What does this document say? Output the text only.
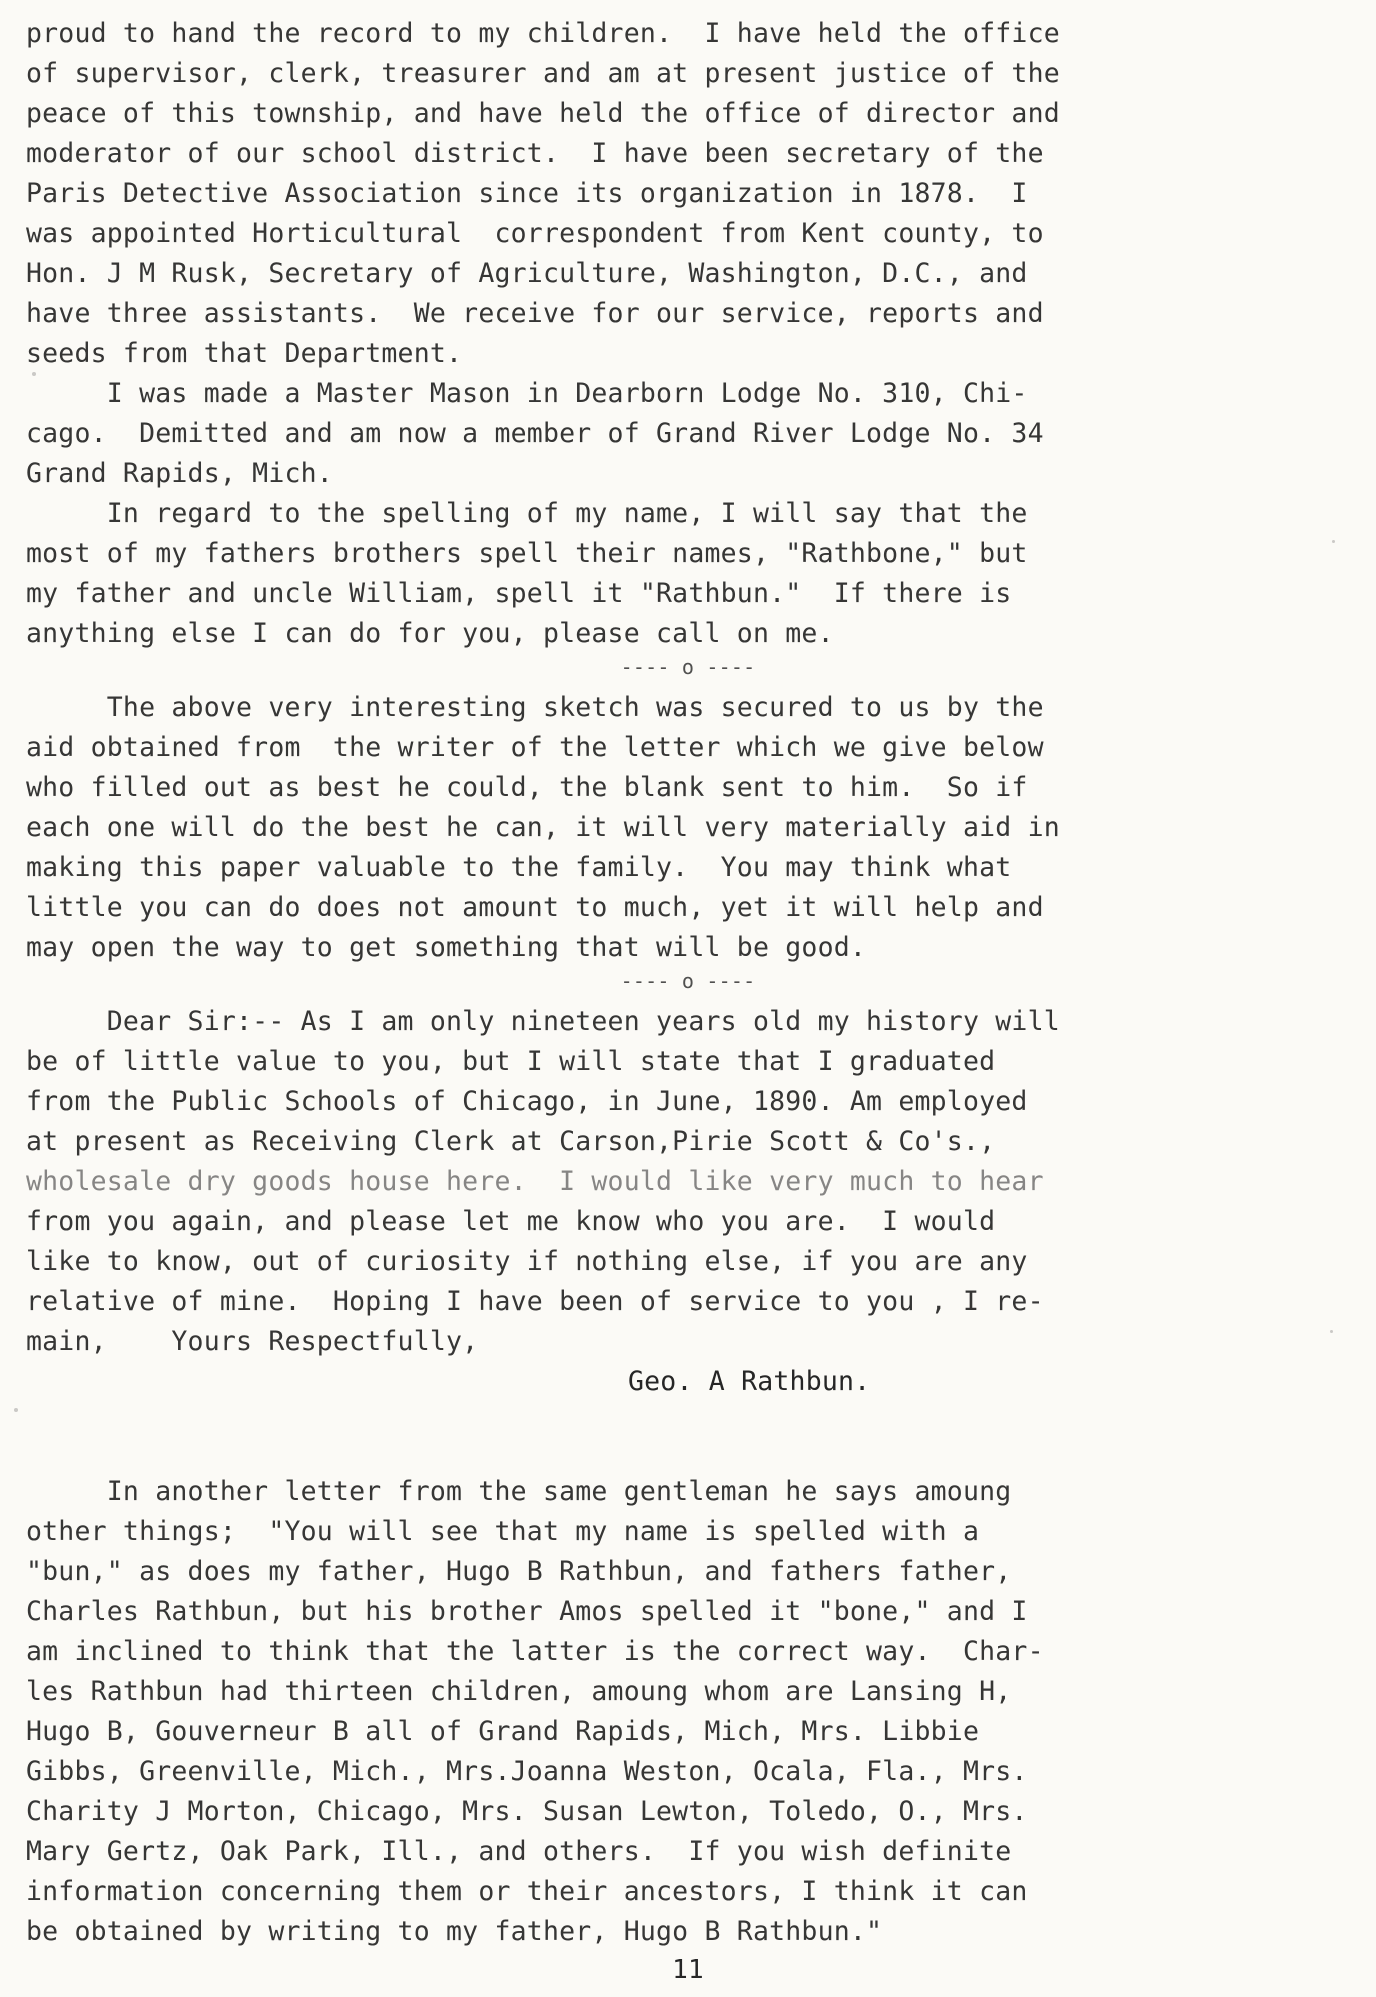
proud to hand the record to my children.  I have held the office
of supervisor, clerk, treasurer and am at present justice of the
peace of this township, and have held the office of director and
moderator of our school district.  I have been secretary of the
Paris Detective Association since its organization in 1878.  I
was appointed Horticultural  correspondent from Kent county, to
Hon. J M Rusk, Secretary of Agriculture, Washington, D.C., and
have three assistants.  We receive for our service, reports and
seeds from that Department.
I was made a Master Mason in Dearborn Lodge No. 310, Chi-
cago.  Demitted and am now a member of Grand River Lodge No. 34
Grand Rapids, Mich.
In regard to the spelling of my name, I will say that the
most of my fathers brothers spell their names, "Rathbone," but
my father and uncle William, spell it "Rathbun."  If there is
anything else I can do for you, please call on me.
---- o ----
The above very interesting sketch was secured to us by the
aid obtained from  the writer of the letter which we give below
who filled out as best he could, the blank sent to him.  So if
each one will do the best he can, it will very materially aid in
making this paper valuable to the family.  You may think what
little you can do does not amount to much, yet it will help and
may open the way to get something that will be good.
---- o ----
Dear Sir:-- As I am only nineteen years old my history will
be of little value to you, but I will state that I graduated
from the Public Schools of Chicago, in June, 1890. Am employed
at present as Receiving Clerk at Carson,Pirie Scott & Co's.,
wholesale dry goods house here.  I would like very much to hear
from you again, and please let me know who you are.  I would
like to know, out of curiosity if nothing else, if you are any
relative of mine.  Hoping I have been of service to you , I re-
main,    Yours Respectfully,
Geo. A Rathbun.
In another letter from the same gentleman he says amoung
other things;  "You will see that my name is spelled with a
"bun," as does my father, Hugo B Rathbun, and fathers father,
Charles Rathbun, but his brother Amos spelled it "bone," and I
am inclined to think that the latter is the correct way.  Char-
les Rathbun had thirteen children, amoung whom are Lansing H,
Hugo B, Gouverneur B all of Grand Rapids, Mich, Mrs. Libbie
Gibbs, Greenville, Mich., Mrs.Joanna Weston, Ocala, Fla., Mrs.
Charity J Morton, Chicago, Mrs. Susan Lewton, Toledo, O., Mrs.
Mary Gertz, Oak Park, Ill., and others.  If you wish definite
information concerning them or their ancestors, I think it can
be obtained by writing to my father, Hugo B Rathbun."
11
